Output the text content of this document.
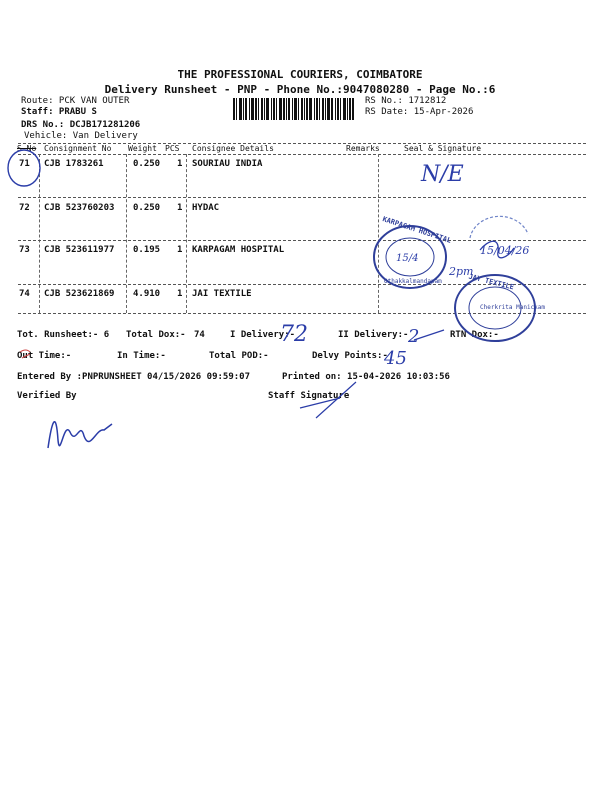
THE PROFESSIONAL COURIERS, COIMBATORE
Delivery Runsheet - PNP - Phone No.:9047080280 - Page No.:6
Route: PCK VAN OUTER
Staff: PRABU S
DRS No.: DCJB171281206
Vehicle: Van Delivery
RS No.: 1712812
RS Date: 15-Apr-2026
S No Consignment No Weight PCS Consignee Details	Remarks	Seal & Signature
71 CJB 1783261	0.250 1 SOURIAU INDIA
72 CJB 523760203 0.250 1 HYDAC
73 CJB 523611977 0.195 1 KARPAGAM HOSPITAL
74 CJB 523621869 4.910 1 JAI TEXTILE
Tot. Runsheet:- 6 Total Dox:- 74	I Delivery:-	II Delivery:-	RTN Dox:-
Out Time:-	In Time:-	Total POD:-	Delvy Points:-
Entered By :PNPRUNSHEET 04/15/2026 09:59:07	Printed on: 15-04-2026 10:03:56
Verified By	Staff Signature
N/E
72	2
45
2pm
15/04/26
KARPAGAM HOSPITAL
Othakkalmandapam
15/4
JAY TEXTILE
Cherkrita Manickam
